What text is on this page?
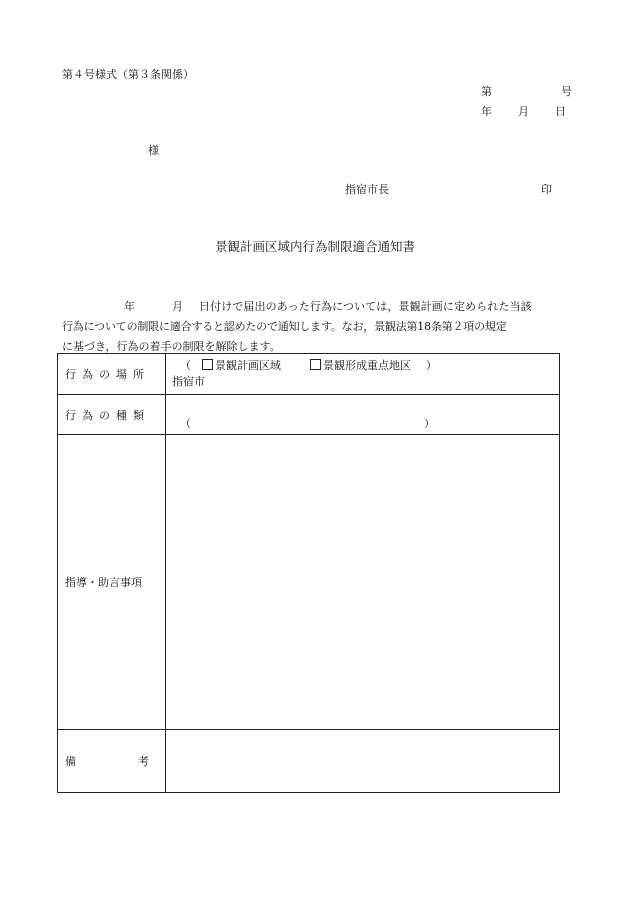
第４号様式（第３条関係）
第	号
年 月 日
様
指宿市長	印
景観計画区域内行為制限適合通知書
年	月 日付けで届出のあった行為については，景観計画に定められた当該
行為についての制限に適合すると認めたので通知します。なお，景観法第18条第２項の規定
に基づき，行為の着手の制限を解除します。
行為の場所	（ 景観計画区域 景観形成重点地区 ）
指宿市

行為の種類	（ ）

指導・助言事項	

備 考	
